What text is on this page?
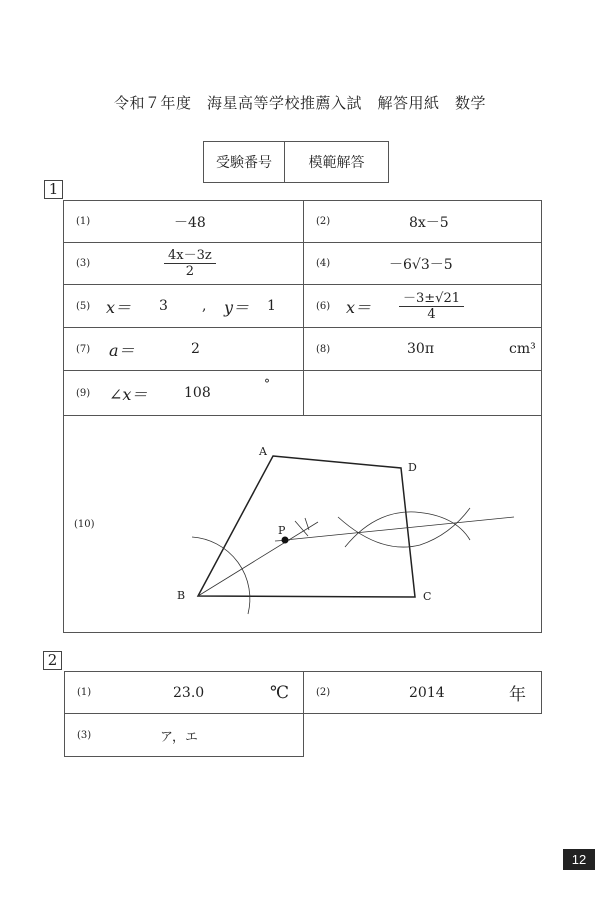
令和７年度　海星高等学校推薦入試　解答用紙　数学
受験番号	模範解答
1
(1)	－48	(2)	8x－5
(3)	$\frac{4x-3z}{2}$	(4)	－6√3－5
(5) x＝ 3 , y＝ 1	(6) $x= \frac{-3\pm√21}{4}$
(7) a＝	2	(8)	30π	cm³
(9) ∠x＝	108
°
(10)
A
D
C
B
P
2
(1)	23.0	℃	(2)	2014	年
(3)	ア，エ
12
